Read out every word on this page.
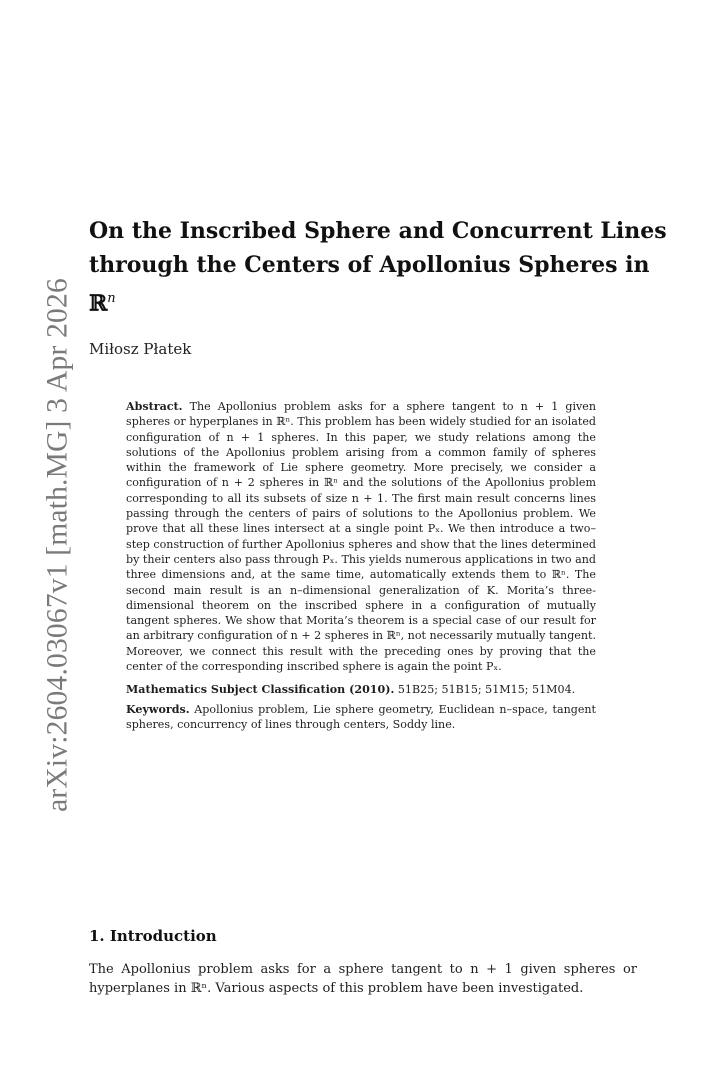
arXiv:2604.03067v1 [math.MG] 3 Apr 2026
On the Inscribed Sphere and Concurrent Lines through the Centers of Apollonius Spheres in ℝ$^n$
Miłosz Płatek

Abstract. The Apollonius problem asks for a sphere tangent to n + 1 given spheres or hyperplanes in ℝⁿ. This problem has been widely studied for an isolated configuration of n + 1 spheres. In this paper, we study relations among the solutions of the Apollonius problem arising from a common family of spheres within the framework of Lie sphere geometry. More precisely, we consider a configuration of n + 2 spheres in ℝⁿ and the solutions of the Apollonius problem corresponding to all its subsets of size n + 1. The first main result concerns lines passing through the centers of pairs of solutions to the Apollonius problem. We prove that all these lines intersect at a single point Pₓ. We then introduce a two–step construction of further Apollonius spheres and show that the lines determined by their centers also pass through Pₓ. This yields numerous applications in two and three dimensions and, at the same time, automatically extends them to ℝⁿ. The second main result is an n–dimensional generalization of K. Morita’s three-dimensional theorem on the inscribed sphere in a configuration of mutually tangent spheres. We show that Morita’s theorem is a special case of our result for an arbitrary configuration of n + 2 spheres in ℝⁿ, not necessarily mutually tangent. Moreover, we connect this result with the preceding ones by proving that the center of the corresponding inscribed sphere is again the point Pₓ.

Mathematics Subject Classification (2010). 51B25; 51B15; 51M15; 51M04.

Keywords. Apollonius problem, Lie sphere geometry, Euclidean n–space, tangent spheres, concurrency of lines through centers, Soddy line.

1. Introduction

The Apollonius problem asks for a sphere tangent to n + 1 given spheres or hyperplanes in ℝⁿ. Various aspects of this problem have been investigated.
